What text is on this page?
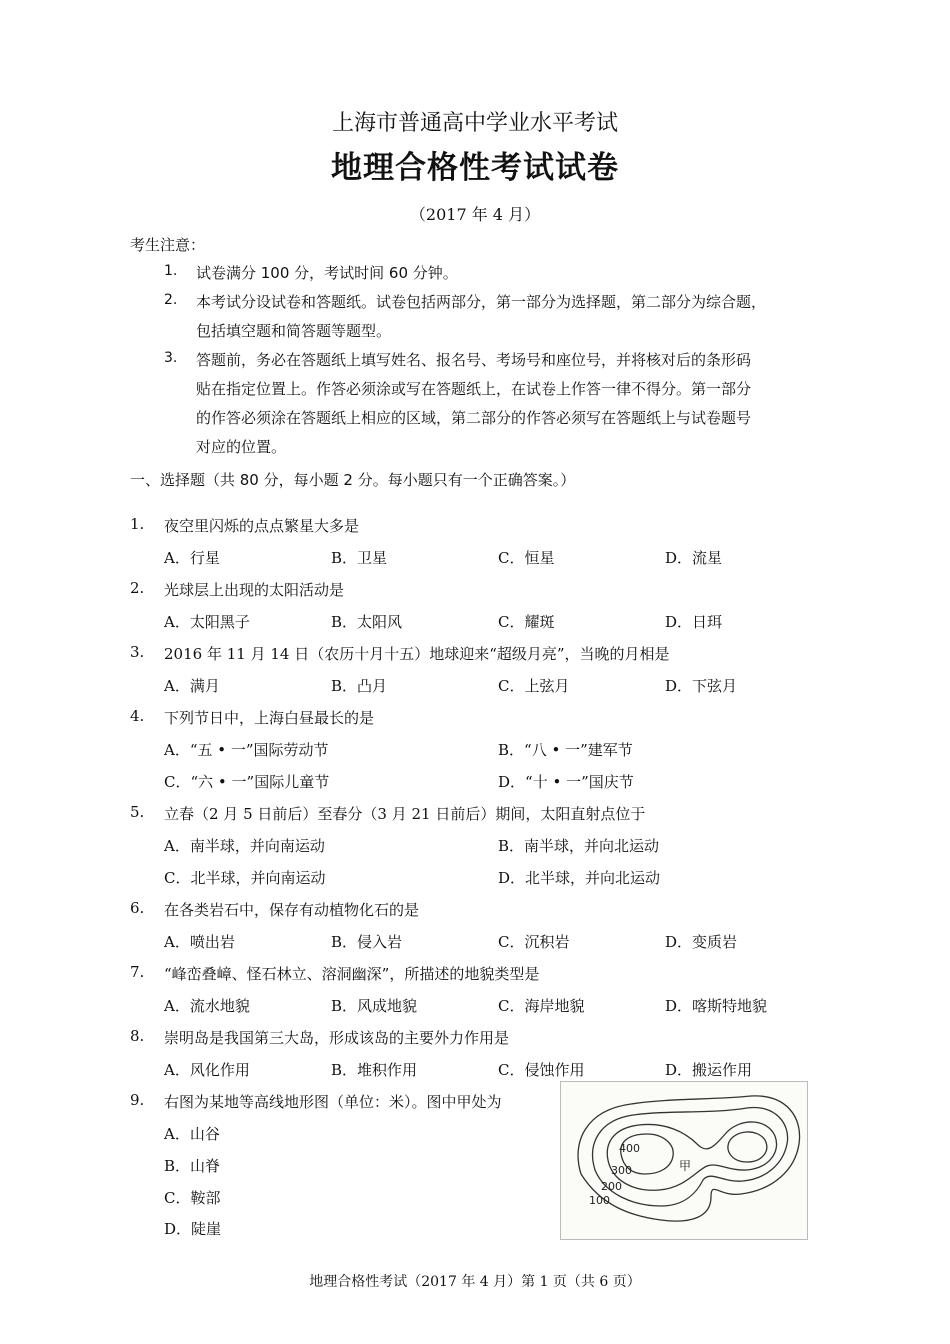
上海市普通高中学业水平考试
地理合格性考试试卷
（2017 年 4 月）
考生注意：
1. 试卷满分 100 分，考试时间 60 分钟。
2. 本考试分设试卷和答题纸。试卷包括两部分，第一部分为选择题，第二部分为综合题，
包括填空题和简答题等题型。
3. 答题前，务必在答题纸上填写姓名、报名号、考场号和座位号，并将核对后的条形码
贴在指定位置上。作答必须涂或写在答题纸上，在试卷上作答一律不得分。第一部分
的作答必须涂在答题纸上相应的区域，第二部分的作答必须写在答题纸上与试卷题号
对应的位置。
一、选择题（共 80 分，每小题 2 分。每小题只有一个正确答案。）
1. 夜空里闪烁的点点繁星大多是
A．行星	B．卫星	C．恒星	D．流星
2. 光球层上出现的太阳活动是
A．太阳黑子	B．太阳风	C．耀斑	D．日珥
3. 2016 年 11 月 14 日（农历十月十五）地球迎来“超级月亮”，当晚的月相是
A．满月	B．凸月	C．上弦月	D．下弦月
4. 下列节日中，上海白昼最长的是
A．“五 • 一”国际劳动节	B．“八 • 一”建军节
C．“六 • 一”国际儿童节	D．“十 • 一”国庆节
5. 立春（2 月 5 日前后）至春分（3 月 21 日前后）期间，太阳直射点位于
A．南半球，并向南运动	B．南半球，并向北运动
C．北半球，并向南运动	D．北半球，并向北运动
6. 在各类岩石中，保存有动植物化石的是
A．喷出岩	B．侵入岩	C．沉积岩	D．变质岩
7. “峰峦叠嶂、怪石林立、溶洞幽深”，所描述的地貌类型是
A．流水地貌	B．风成地貌	C．海岸地貌	D．喀斯特地貌
8. 崇明岛是我国第三大岛，形成该岛的主要外力作用是
A．风化作用	B．堆积作用	C．侵蚀作用	D．搬运作用
9. 右图为某地等高线地形图（单位：米）。图中甲处为
A．山谷
B．山脊
C．鞍部
D．陡崖
400
300
200
100
甲
地理合格性考试（2017 年 4 月）第 1 页（共 6 页）
